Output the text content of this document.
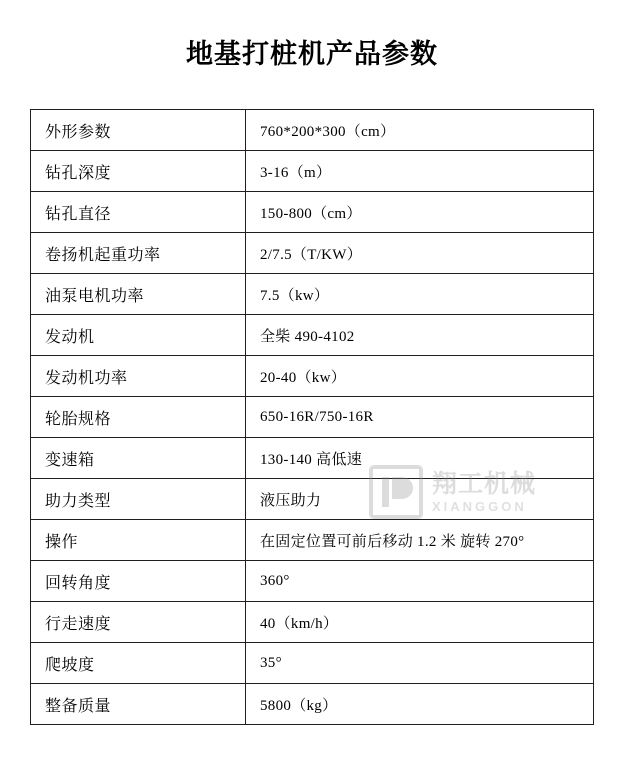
地基打桩机产品参数
外形参数	760*200*300（cm）
钻孔深度	3-16（m）
钻孔直径	150-800（cm）
卷扬机起重功率	2/7.5（T/KW）
油泵电机功率	7.5（kw）
发动机	全柴 490-4102
发动机功率	20-40（kw）
轮胎规格	650-16R/750-16R
变速箱	130-140 高低速
助力类型	液压助力
操作	在固定位置可前后移动 1.2 米 旋转 270°
回转角度	360°
行走速度	40（km/h）
爬坡度	35°
整备质量	5800（kg）
翔工机械
XIANGGON
